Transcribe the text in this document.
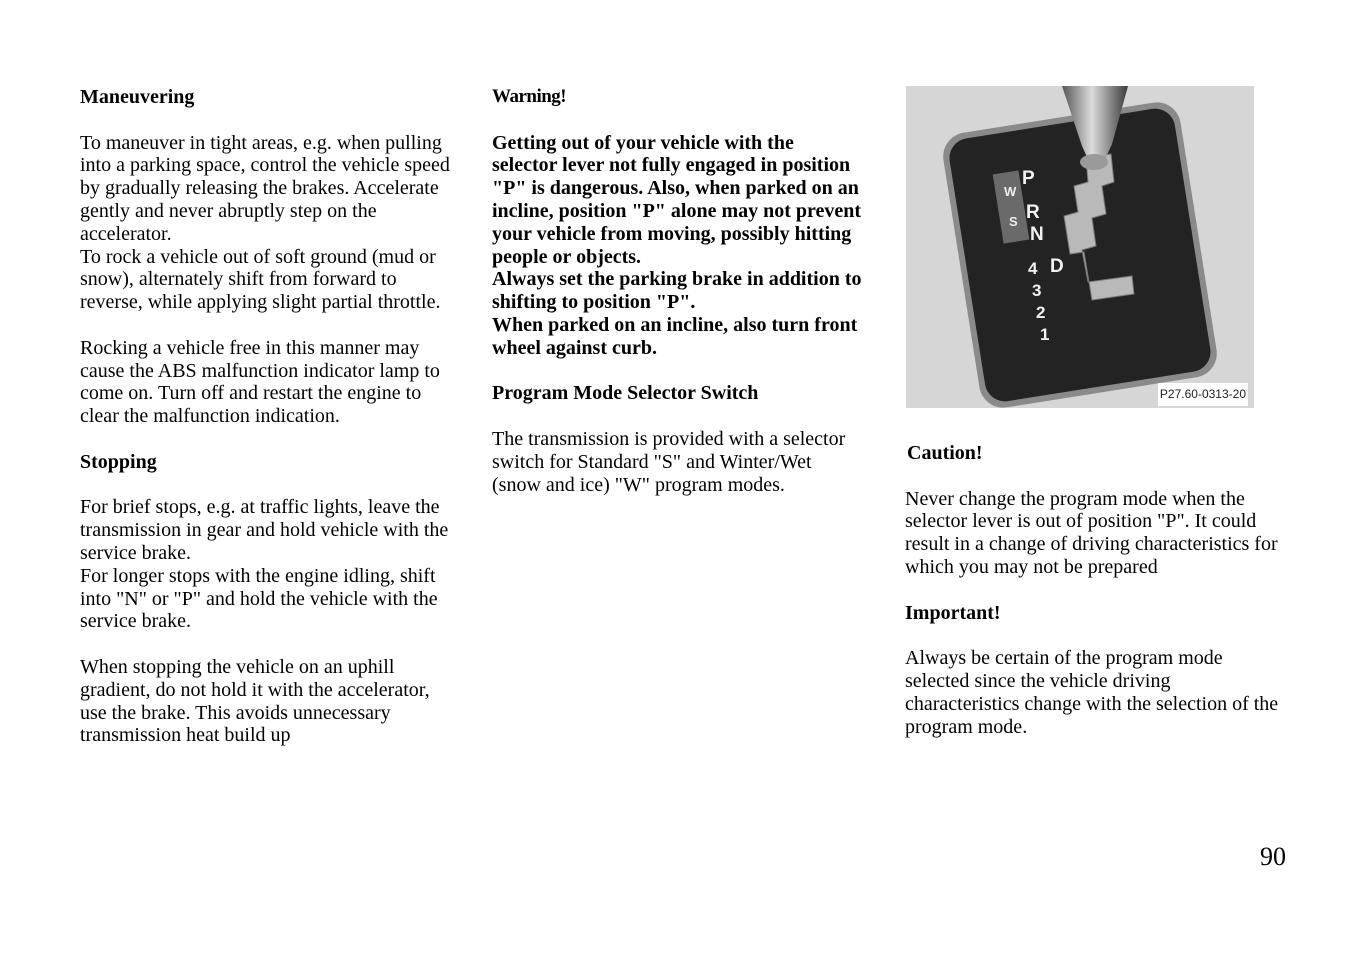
Maneuvering

To maneuver in tight areas, e.g. when pulling into a parking space, control the vehicle speed by gradually releasing the brakes. Accelerate gently and never abruptly step on the accelerator.

To rock a vehicle out of soft ground (mud or snow), alternately shift from forward to reverse, while applying slight partial throttle.

Rocking a vehicle free in this manner may cause the ABS malfunction indicator lamp to come on. Turn off and restart the engine to clear the malfunction indication.

Stopping

For brief stops, e.g. at traffic lights, leave the transmission in gear and hold vehicle with the service brake.

For longer stops with the engine idling, shift into "N" or "P" and hold the vehicle with the service brake.

When stopping the vehicle on an uphill gradient, do not hold it with the accelerator, use the brake. This avoids unnecessary transmission heat build up

Warning!

Getting out of your vehicle with the selector lever not fully engaged in position "P" is dangerous. Also, when parked on an incline, position "P" alone may not prevent your vehicle from moving, possibly hitting people or objects.

Always set the parking brake in addition to shifting to position "P".

When parked on an incline, also turn front wheel against curb.

Program Mode Selector Switch

The transmission is provided with a selector switch for Standard "S" and Winter/Wet (snow and ice) "W" program modes.

W
S
P
R
N
4 D
3
2
1
P27.60-0313-20

Caution!

Never change the program mode when the selector lever is out of position "P". It could result in a change of driving characteristics for which you may not be prepared

Important!

Always be certain of the program mode selected since the vehicle driving characteristics change with the selection of the program mode.

90
